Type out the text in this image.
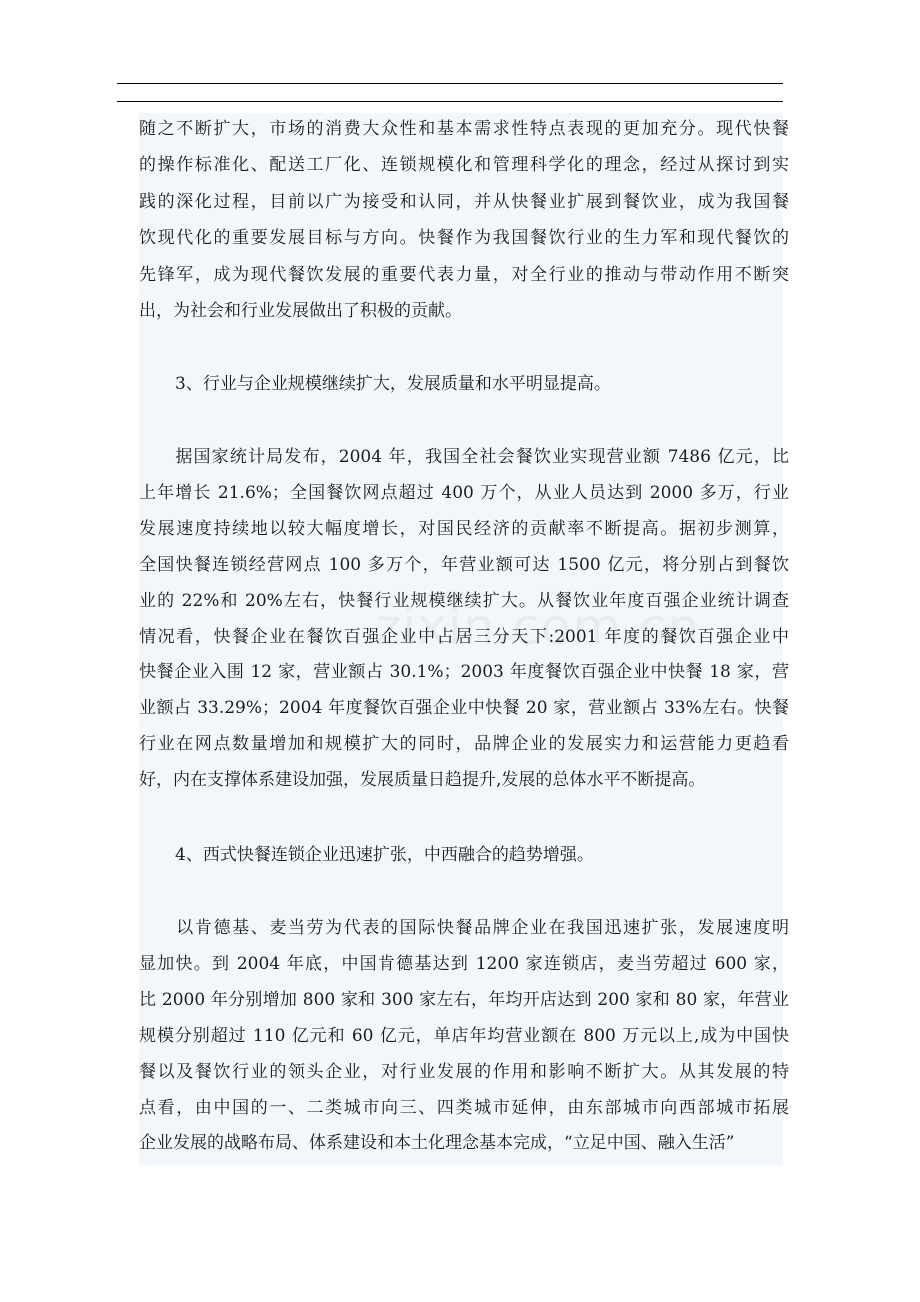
随之不断扩大，市场的消费大众性和基本需求性特点表现的更加充分。现代快餐
的操作标准化、配送工厂化、连锁规模化和管理科学化的理念，经过从探讨到实
践的深化过程，目前以广为接受和认同，并从快餐业扩展到餐饮业，成为我国餐
饮现代化的重要发展目标与方向。快餐作为我国餐饮行业的生力军和现代餐饮的
先锋军，成为现代餐饮发展的重要代表力量，对全行业的推动与带动作用不断突
出，为社会和行业发展做出了积极的贡献。
3、行业与企业规模继续扩大，发展质量和水平明显提高。
　　据国家统计局发布，2004 年，我国全社会餐饮业实现营业额 7486 亿元，比
上年增长 21.6%；全国餐饮网点超过 400 万个，从业人员达到 2000 多万，行业
发展速度持续地以较大幅度增长，对国民经济的贡献率不断提高。据初步测算，
全国快餐连锁经营网点 100 多万个，年营业额可达 1500 亿元，将分别占到餐饮
业的 22%和 20%左右，快餐行业规模继续扩大。从餐饮业年度百强企业统计调查
情况看，快餐企业在餐饮百强企业中占居三分天下:2001 年度的餐饮百强企业中
快餐企业入围 12 家，营业额占 30.1%；2003 年度餐饮百强企业中快餐 18 家，营
业额占 33.29%；2004 年度餐饮百强企业中快餐 20 家，营业额占 33%左右。快餐
行业在网点数量增加和规模扩大的同时，品牌企业的发展实力和运营能力更趋看
好，内在支撑体系建设加强，发展质量日趋提升,发展的总体水平不断提高。
4、西式快餐连锁企业迅速扩张，中西融合的趋势增强。
　　以肯德基、麦当劳为代表的国际快餐品牌企业在我国迅速扩张，发展速度明
显加快。到 2004 年底，中国肯德基达到 1200 家连锁店，麦当劳超过 600 家，
比 2000 年分别增加 800 家和 300 家左右，年均开店达到 200 家和 80 家，年营业
规模分别超过 110 亿元和 60 亿元，单店年均营业额在 800 万元以上,成为中国快
餐以及餐饮行业的领头企业，对行业发展的作用和影响不断扩大。从其发展的特
点看，由中国的一、二类城市向三、四类城市延伸，由东部城市向西部城市拓展
企业发展的战略布局、体系建设和本土化理念基本完成，“立足中国、融入生活”
